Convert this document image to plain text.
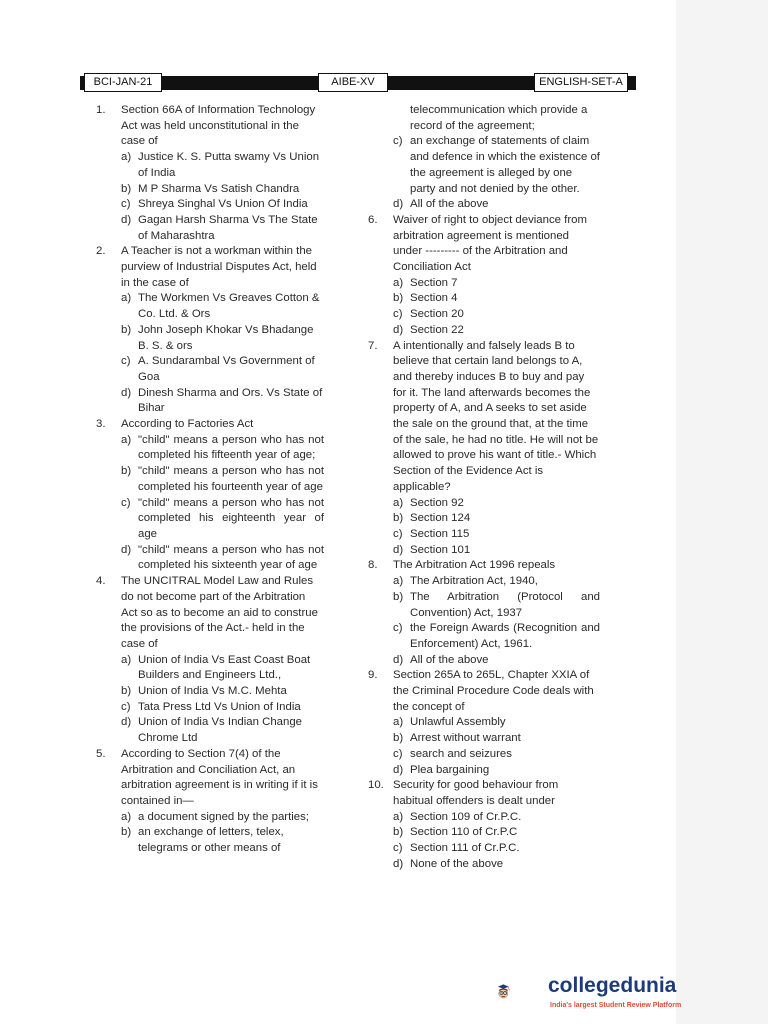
BCI-JAN-21	AIBE-XV	ENGLISH-SET-A
1.	Section 66A of Information Technology Act was held unconstitutional in the case of
a) Justice K. S. Putta swamy Vs Union of India
b) M P Sharma Vs Satish Chandra
c) Shreya Singhal Vs Union Of India
d) Gagan Harsh Sharma Vs The State of Maharashtra
2.	A Teacher is not a workman within the purview of Industrial Disputes Act, held in the case of
a) The Workmen Vs Greaves Cotton & Co. Ltd. & Ors
b) John Joseph Khokar Vs Bhadange B. S. & ors
c) A. Sundarambal Vs Government of Goa
d) Dinesh Sharma and Ors. Vs State of Bihar
3.	According to Factories Act
a) "child" means a person who has not completed his fifteenth year of age;
b) "child" means a person who has not completed his fourteenth year of age
c) "child" means a person who has not completed his eighteenth year of age
d) "child" means a person who has not completed his sixteenth year of age
4.	The UNCITRAL Model Law and Rules do not become part of the Arbitration Act so as to become an aid to construe the provisions of the Act.- held in the case of
a) Union of India Vs East Coast Boat Builders and Engineers Ltd.,
b) Union of India Vs M.C. Mehta
c) Tata Press Ltd Vs Union of India
d) Union of India Vs Indian Change Chrome Ltd
5.	According to Section 7(4) of the Arbitration and Conciliation Act, an arbitration agreement is in writing if it is contained in—
a) a document signed by the parties;
b) an exchange of letters, telex, telegrams or other means of
telecommunication which provide a record of the agreement;
c) an exchange of statements of claim and defence in which the existence of the agreement is alleged by one party and not denied by the other.
d) All of the above
6.	Waiver of right to object deviance from arbitration agreement is mentioned under --------- of the Arbitration and Conciliation Act
a) Section 7
b) Section 4
c) Section 20
d) Section 22
7.	A intentionally and falsely leads B to believe that certain land belongs to A, and thereby induces B to buy and pay for it. The land afterwards becomes the property of A, and A seeks to set aside the sale on the ground that, at the time of the sale, he had no title. He will not be allowed to prove his want of title.- Which Section of the Evidence Act is applicable?
a) Section 92
b) Section 124
c) Section 115
d) Section 101
8.	The Arbitration Act 1996 repeals
a) The Arbitration Act, 1940,
b) The Arbitration (Protocol and Convention) Act, 1937
c) the Foreign Awards (Recognition and Enforcement) Act, 1961.
d) All of the above
9.	Section 265A to 265L, Chapter XXIA of the Criminal Procedure Code deals with the concept of
a) Unlawful Assembly
b) Arrest without warrant
c) search and seizures
d) Plea bargaining
10. Security for good behaviour from habitual offenders is dealt under
a) Section 109 of Cr.P.C.
b) Section 110 of Cr.P.C
c) Section 111 of Cr.P.C.
d) None of the above
collegedunia
India's largest Student Review Platform
